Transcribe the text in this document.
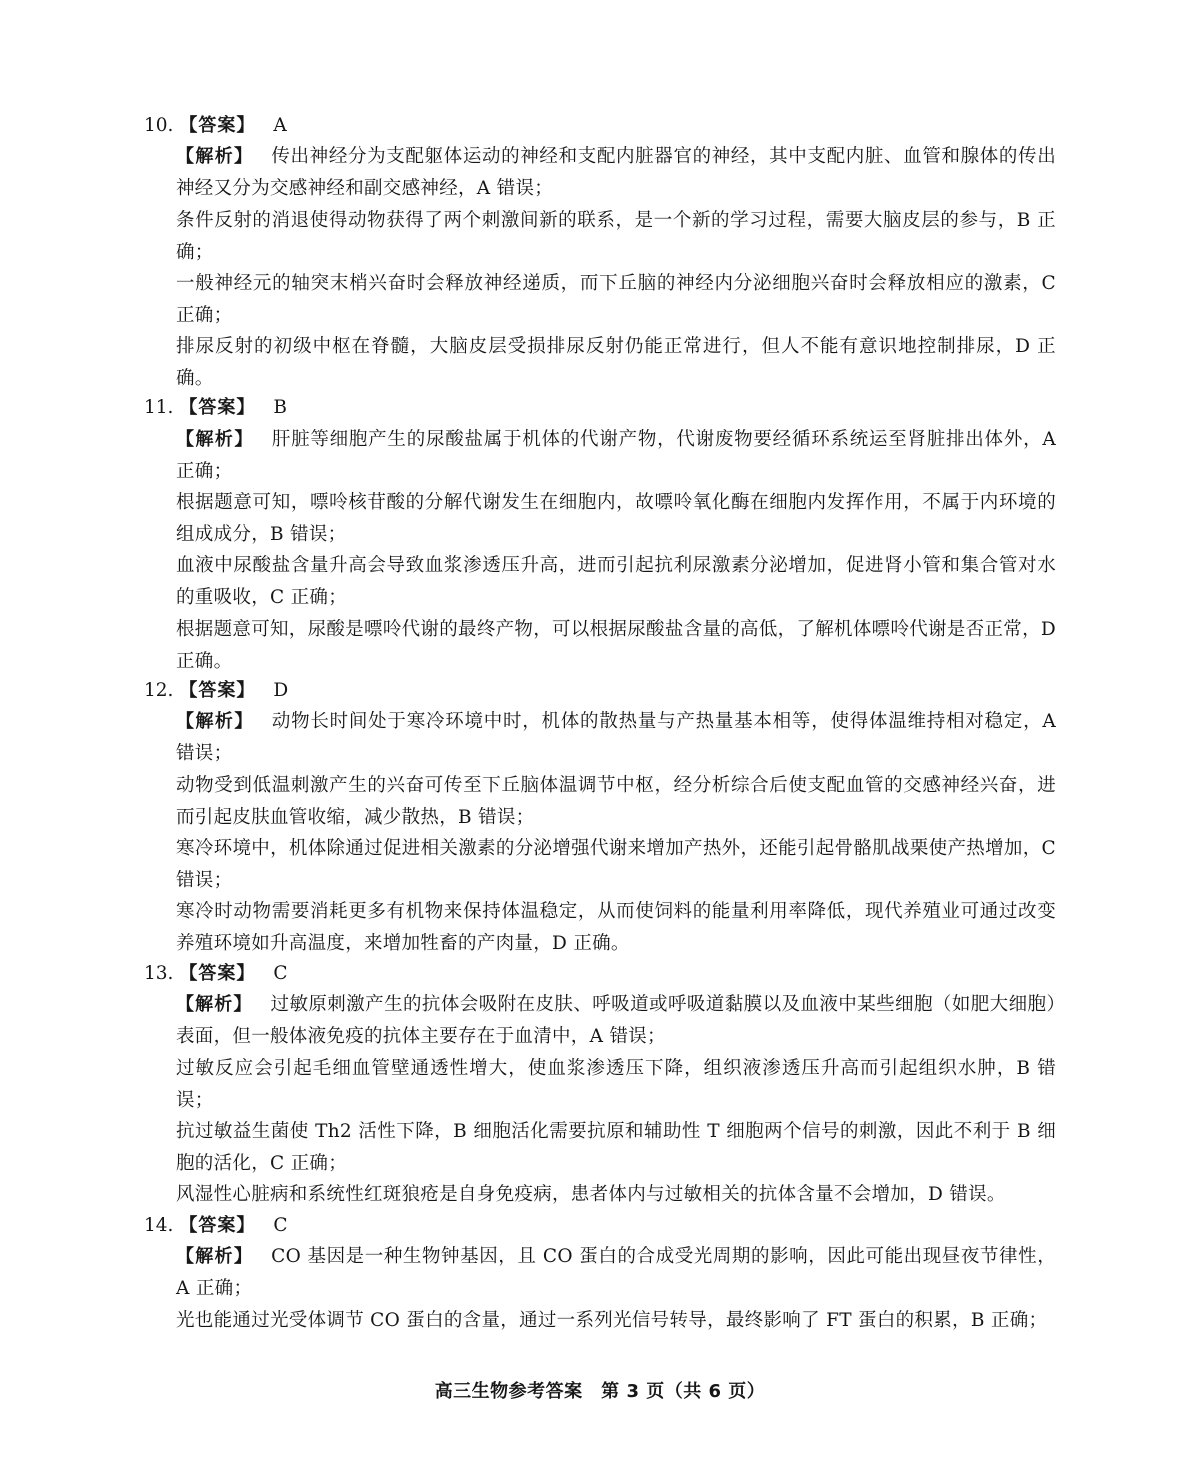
10. 【答案】 A
【解析】 传出神经分为支配躯体运动的神经和支配内脏器官的神经，其中支配内脏、血管和腺体的传出神经又分为交感神经和副交感神经，A 错误；
条件反射的消退使得动物获得了两个刺激间新的联系，是一个新的学习过程，需要大脑皮层的参与，B 正确；
一般神经元的轴突末梢兴奋时会释放神经递质，而下丘脑的神经内分泌细胞兴奋时会释放相应的激素，C 正确；
排尿反射的初级中枢在脊髓，大脑皮层受损排尿反射仍能正常进行，但人不能有意识地控制排尿，D 正确。
11. 【答案】 B
【解析】 肝脏等细胞产生的尿酸盐属于机体的代谢产物，代谢废物要经循环系统运至肾脏排出体外，A 正确；
根据题意可知，嘌呤核苷酸的分解代谢发生在细胞内，故嘌呤氧化酶在细胞内发挥作用，不属于内环境的组成成分，B 错误；
血液中尿酸盐含量升高会导致血浆渗透压升高，进而引起抗利尿激素分泌增加，促进肾小管和集合管对水的重吸收，C 正确；
根据题意可知，尿酸是嘌呤代谢的最终产物，可以根据尿酸盐含量的高低，了解机体嘌呤代谢是否正常，D 正确。
12. 【答案】 D
【解析】 动物长时间处于寒冷环境中时，机体的散热量与产热量基本相等，使得体温维持相对稳定，A 错误；
动物受到低温刺激产生的兴奋可传至下丘脑体温调节中枢，经分析综合后使支配血管的交感神经兴奋，进而引起皮肤血管收缩，减少散热，B 错误；
寒冷环境中，机体除通过促进相关激素的分泌增强代谢来增加产热外，还能引起骨骼肌战栗使产热增加，C 错误；
寒冷时动物需要消耗更多有机物来保持体温稳定，从而使饲料的能量利用率降低，现代养殖业可通过改变养殖环境如升高温度，来增加牲畜的产肉量，D 正确。
13. 【答案】 C
【解析】 过敏原刺激产生的抗体会吸附在皮肤、呼吸道或呼吸道黏膜以及血液中某些细胞（如肥大细胞）表面，但一般体液免疫的抗体主要存在于血清中，A 错误；
过敏反应会引起毛细血管壁通透性增大，使血浆渗透压下降，组织液渗透压升高而引起组织水肿，B 错误；
抗过敏益生菌使 Th2 活性下降，B 细胞活化需要抗原和辅助性 T 细胞两个信号的刺激，因此不利于 B 细胞的活化，C 正确；
风湿性心脏病和系统性红斑狼疮是自身免疫病，患者体内与过敏相关的抗体含量不会增加，D 错误。
14. 【答案】 C
【解析】 CO 基因是一种生物钟基因，且 CO 蛋白的合成受光周期的影响，因此可能出现昼夜节律性，A 正确；
光也能通过光受体调节 CO 蛋白的含量，通过一系列光信号转导，最终影响了 FT 蛋白的积累，B 正确；
高三生物参考答案　第 3 页（共 6 页）
